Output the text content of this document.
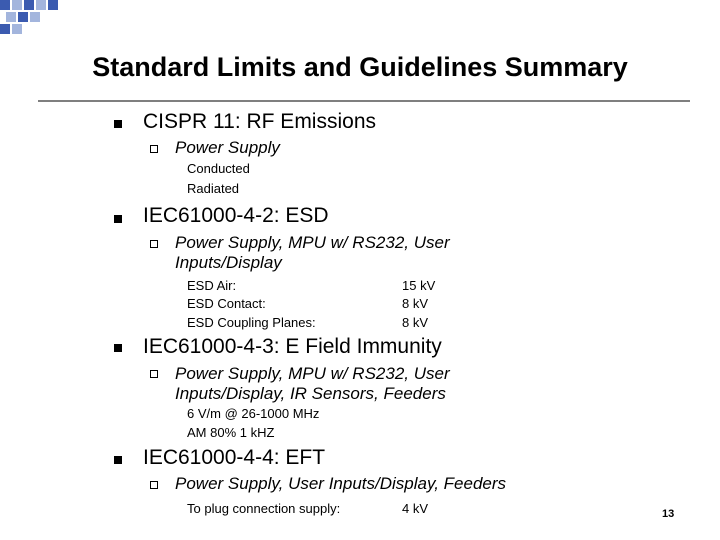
Standard Limits and Guidelines Summary
CISPR 11: RF Emissions
Power Supply
Conducted
Radiated
IEC61000-4-2: ESD
Power Supply, MPU w/ RS232, User
Inputs/Display
ESD Air:	15 kV
ESD Contact:	8 kV
ESD Coupling Planes:	8 kV
IEC61000-4-3: E Field Immunity
Power Supply, MPU w/ RS232, User
Inputs/Display, IR Sensors, Feeders
6 V/m @ 26-1000 MHz
AM 80% 1 kHZ
IEC61000-4-4: EFT
Power Supply, User Inputs/Display, Feeders
To plug connection supply:	4 kV	13
